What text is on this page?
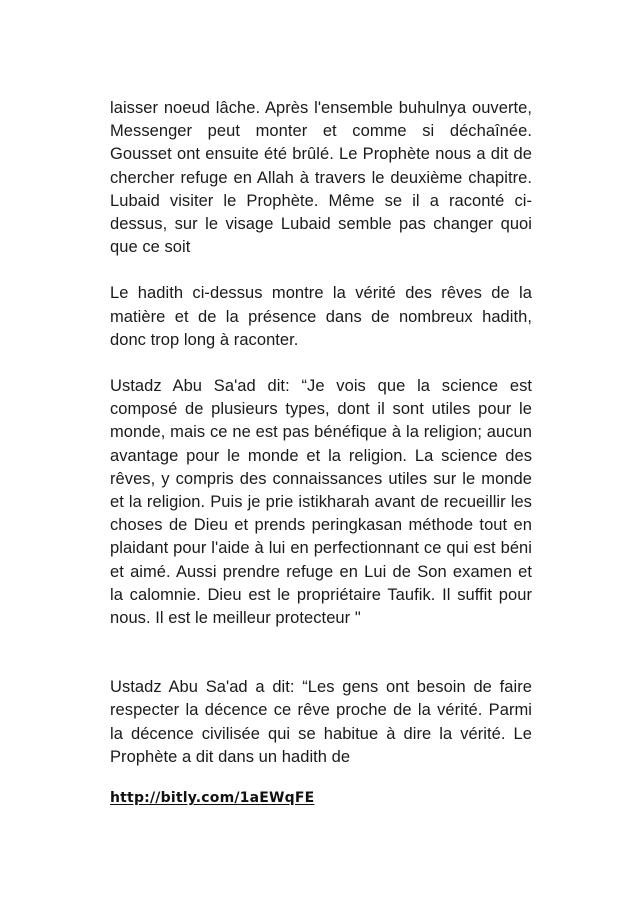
laisser noeud lâche. Après l'ensemble buhulnya ouverte, Messenger peut monter et comme si déchaînée. Gousset ont ensuite été brûlé. Le Prophète nous a dit de chercher refuge en Allah à travers le deuxième chapitre. Lubaid visiter le Prophète. Même se il a raconté ci-dessus, sur le visage Lubaid semble pas changer quoi que ce soit

Le hadith ci-dessus montre la vérité des rêves de la matière et de la présence dans de nombreux hadith, donc trop long à raconter.

Ustadz Abu Sa'ad dit: “Je vois que la science est composé de plusieurs types, dont il sont utiles pour le monde, mais ce ne est pas bénéfique à la religion; aucun avantage pour le monde et la religion. La science des rêves, y compris des connaissances utiles sur le monde et la religion. Puis je prie istikharah avant de recueillir les choses de Dieu et prends peringkasan méthode tout en plaidant pour l'aide à lui en perfectionnant ce qui est béni et aimé. Aussi prendre refuge en Lui de Son examen et la calomnie. Dieu est le propriétaire Taufik. Il suffit pour nous. Il est le meilleur protecteur "

Ustadz Abu Sa'ad a dit: “Les gens ont besoin de faire respecter la décence ce rêve proche de la vérité. Parmi la décence civilisée qui se habitue à dire la vérité. Le Prophète a dit dans un hadith de

http://bitly.com/1aEWqFE
